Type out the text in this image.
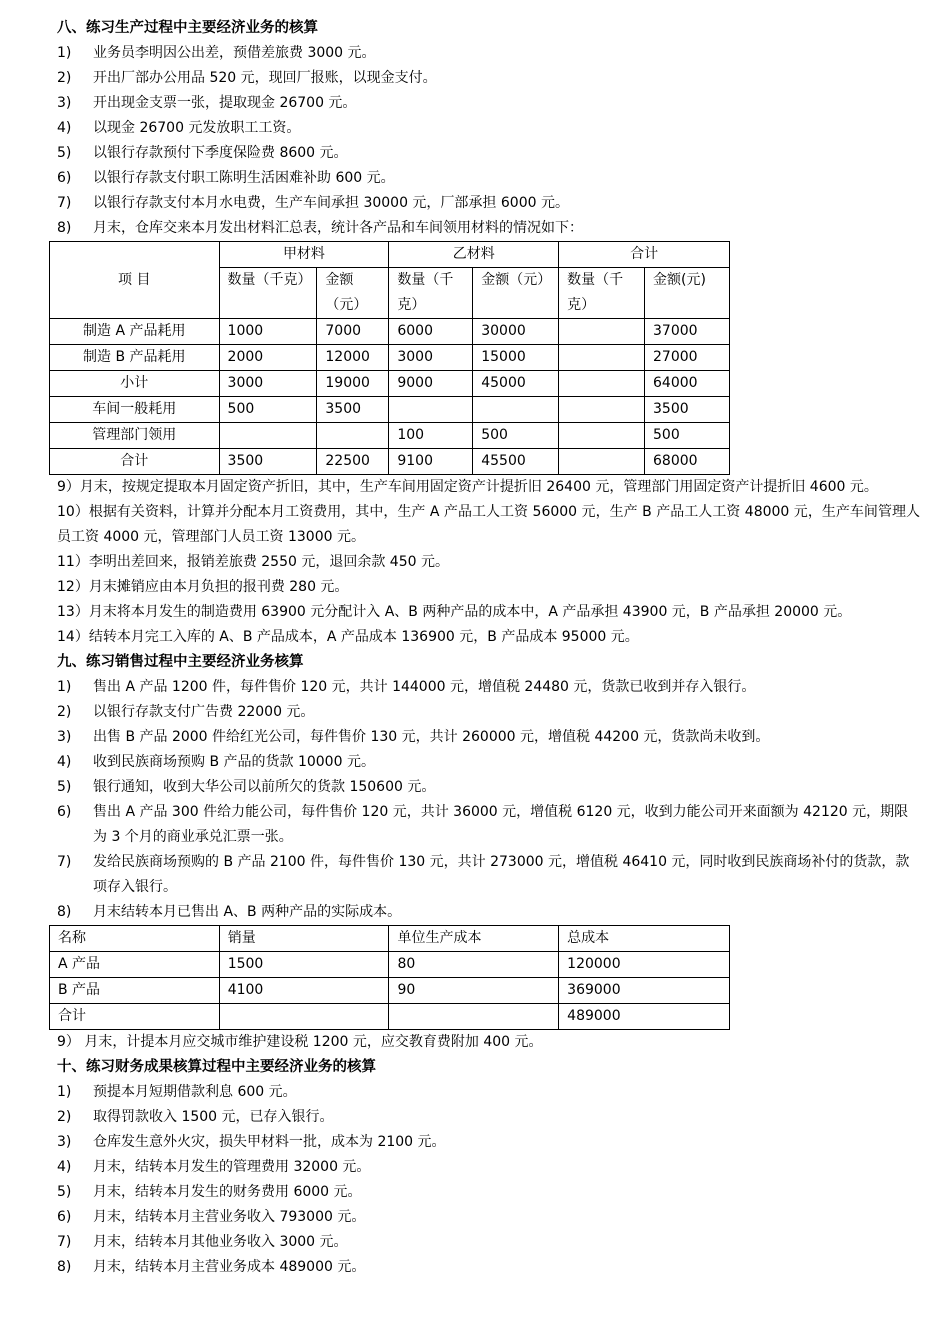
八、练习生产过程中主要经济业务的核算
1)	业务员李明因公出差，预借差旅费 3000 元。
2)	开出厂部办公用品 520 元，现回厂报账，以现金支付。
3)	开出现金支票一张，提取现金 26700 元。
4)	以现金 26700 元发放职工工资。
5)	以银行存款预付下季度保险费 8600 元。
6)	以银行存款支付职工陈明生活困难补助 600 元。
7)	以银行存款支付本月水电费，生产车间承担 30000 元，厂部承担 6000 元。
8)	月末，仓库交来本月发出材料汇总表，统计各产品和车间领用材料的情况如下：
项 目	甲材料		乙材料		合计	
	数量（千克）	金额（元）	数量（千克）	金额（元）	数量（千克）	金额(元)
制造 A 产品耗用	1000	7000	6000	30000		37000
制造 B 产品耗用	2000	12000	3000	15000		27000
小计	3000	19000	9000	45000		64000
车间一般耗用	500	3500				3500
管理部门领用			100	500		500
合计	3500	22500	9100	45500		68000
9）月末，按规定提取本月固定资产折旧，其中，生产车间用固定资产计提折旧 26400 元，管理部门用固定资产计提折旧 4600 元。
10）根据有关资料，计算并分配本月工资费用，其中，生产 A 产品工人工资 56000 元，生产 B 产品工人工资 48000 元，生产车间管理人员工资 4000 元，管理部门人员工资 13000 元。
11）李明出差回来，报销差旅费 2550 元，退回余款 450 元。
12）月末摊销应由本月负担的报刊费 280 元。
13）月末将本月发生的制造费用 63900 元分配计入 A、B 两种产品的成本中，A 产品承担 43900 元，B 产品承担 20000 元。
14）结转本月完工入库的 A、B 产品成本，A 产品成本 136900 元，B 产品成本 95000 元。
九、练习销售过程中主要经济业务核算
1)	售出 A 产品 1200 件，每件售价 120 元，共计 144000 元，增值税 24480 元，货款已收到并存入银行。
2)	以银行存款支付广告费 22000 元。
3)	出售 B 产品 2000 件给红光公司，每件售价 130 元，共计 260000 元，增值税 44200 元，货款尚未收到。
4)	收到民族商场预购 B 产品的货款 10000 元。
5)	银行通知，收到大华公司以前所欠的货款 150600 元。
6)	售出 A 产品 300 件给力能公司，每件售价 120 元，共计 36000 元，增值税 6120 元，收到力能公司开来面额为 42120 元，期限为 3 个月的商业承兑汇票一张。
7)	发给民族商场预购的 B 产品 2100 件，每件售价 130 元，共计 273000 元，增值税 46410 元，同时收到民族商场补付的货款，款项存入银行。
8)	月末结转本月已售出 A、B 两种产品的实际成本。
名称	销量	单位生产成本	总成本
A 产品	1500	80	120000
B 产品	4100	90	369000
合计			489000
9） 月末，计提本月应交城市维护建设税 1200 元，应交教育费附加 400 元。
十、练习财务成果核算过程中主要经济业务的核算
1)	预提本月短期借款利息 600 元。
2)	取得罚款收入 1500 元，已存入银行。
3)	仓库发生意外火灾，损失甲材料一批，成本为 2100 元。
4)	月末，结转本月发生的管理费用 32000 元。
5)	月末，结转本月发生的财务费用 6000 元。
6)	月末，结转本月主营业务收入 793000 元。
7)	月末，结转本月其他业务收入 3000 元。
8)	月末，结转本月主营业务成本 489000 元。
